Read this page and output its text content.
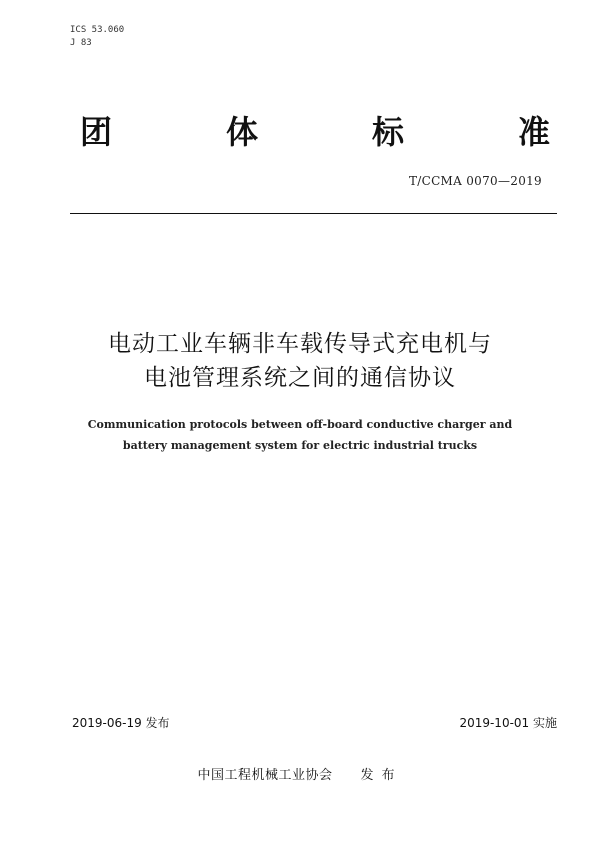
ICS 53.060
J 83
团	体	标	准
T/CCMA 0070—2019
电动工业车辆非车载传导式充电机与
电池管理系统之间的通信协议
Communication protocols between off-board conductive charger and
battery management system for electric industrial trucks
2019-06-19 发布	2019-10-01 实施
中国工程机械工业协会 发布
